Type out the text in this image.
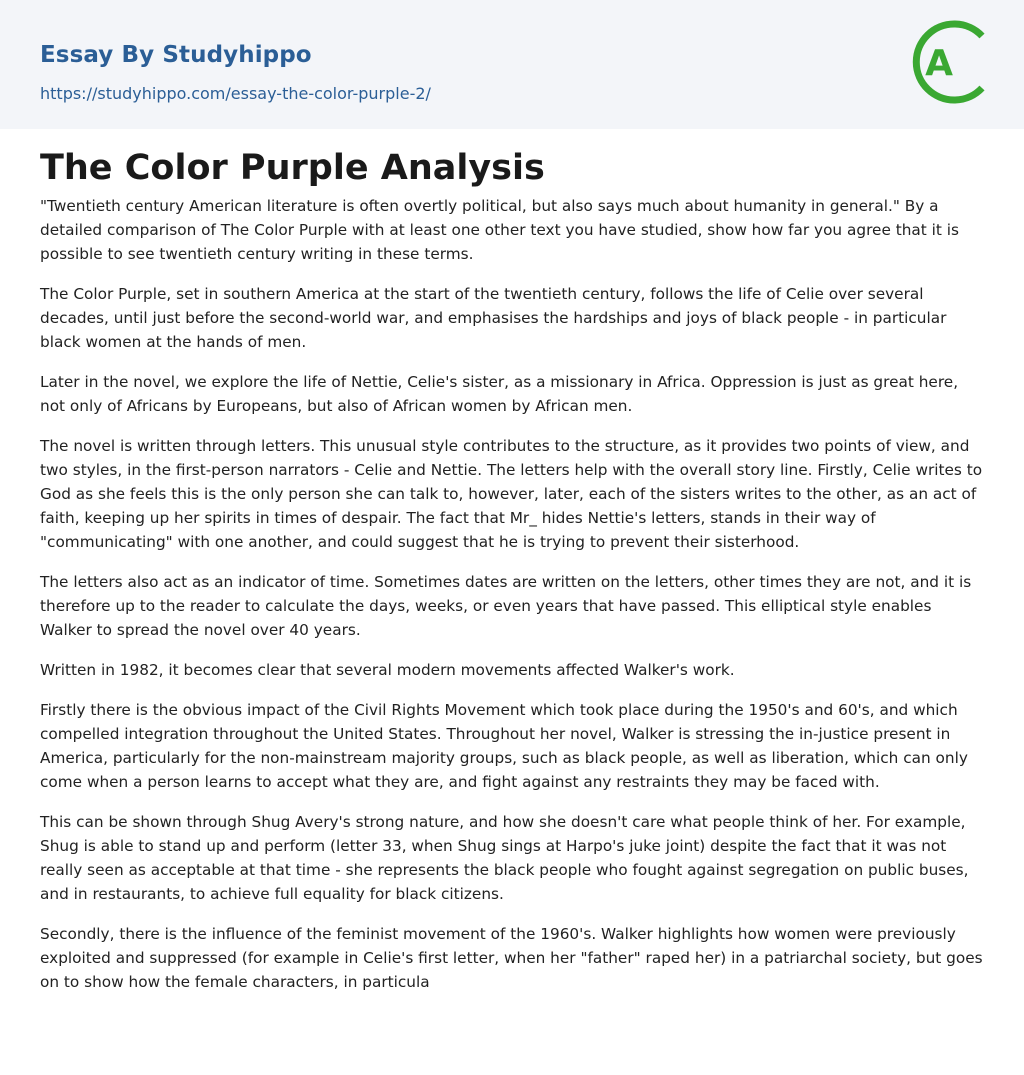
Essay By Studyhippo
https://studyhippo.com/essay-the-color-purple-2/
A
The Color Purple Analysis

"Twentieth century American literature is often overtly political, but also says much about humanity in general." By a detailed comparison of The Color Purple with at least one other text you have studied, show how far you agree that it is possible to see twentieth century writing in these terms.

The Color Purple, set in southern America at the start of the twentieth century, follows the life of Celie over several decades, until just before the second-world war, and emphasises the hardships and joys of black people - in particular black women at the hands of men.

Later in the novel, we explore the life of Nettie, Celie's sister, as a missionary in Africa. Oppression is just as great here, not only of Africans by Europeans, but also of African women by African men.

The novel is written through letters. This unusual style contributes to the structure, as it provides two points of view, and two styles, in the first-person narrators - Celie and Nettie. The letters help with the overall story line. Firstly, Celie writes to God as she feels this is the only person she can talk to, however, later, each of the sisters writes to the other, as an act of faith, keeping up her spirits in times of despair. The fact that Mr_ hides Nettie's letters, stands in their way of "communicating" with one another, and could suggest that he is trying to prevent their sisterhood.

The letters also act as an indicator of time. Sometimes dates are written on the letters, other times they are not, and it is therefore up to the reader to calculate the days, weeks, or even years that have passed. This elliptical style enables Walker to spread the novel over 40 years.

Written in 1982, it becomes clear that several modern movements affected Walker's work.

Firstly there is the obvious impact of the Civil Rights Movement which took place during the 1950's and 60's, and which compelled integration throughout the United States. Throughout her novel, Walker is stressing the in-justice present in America, particularly for the non-mainstream majority groups, such as black people, as well as liberation, which can only come when a person learns to accept what they are, and fight against any restraints they may be faced with.

This can be shown through Shug Avery's strong nature, and how she doesn't care what people think of her. For example, Shug is able to stand up and perform (letter 33, when Shug sings at Harpo's juke joint) despite the fact that it was not really seen as acceptable at that time - she represents the black people who fought against segregation on public buses, and in restaurants, to achieve full equality for black citizens.

Secondly, there is the influence of the feminist movement of the 1960's. Walker highlights how women were previously exploited and suppressed (for example in Celie's first letter, when her "father" raped her) in a patriarchal society, but goes on to show how the female characters, in particula
